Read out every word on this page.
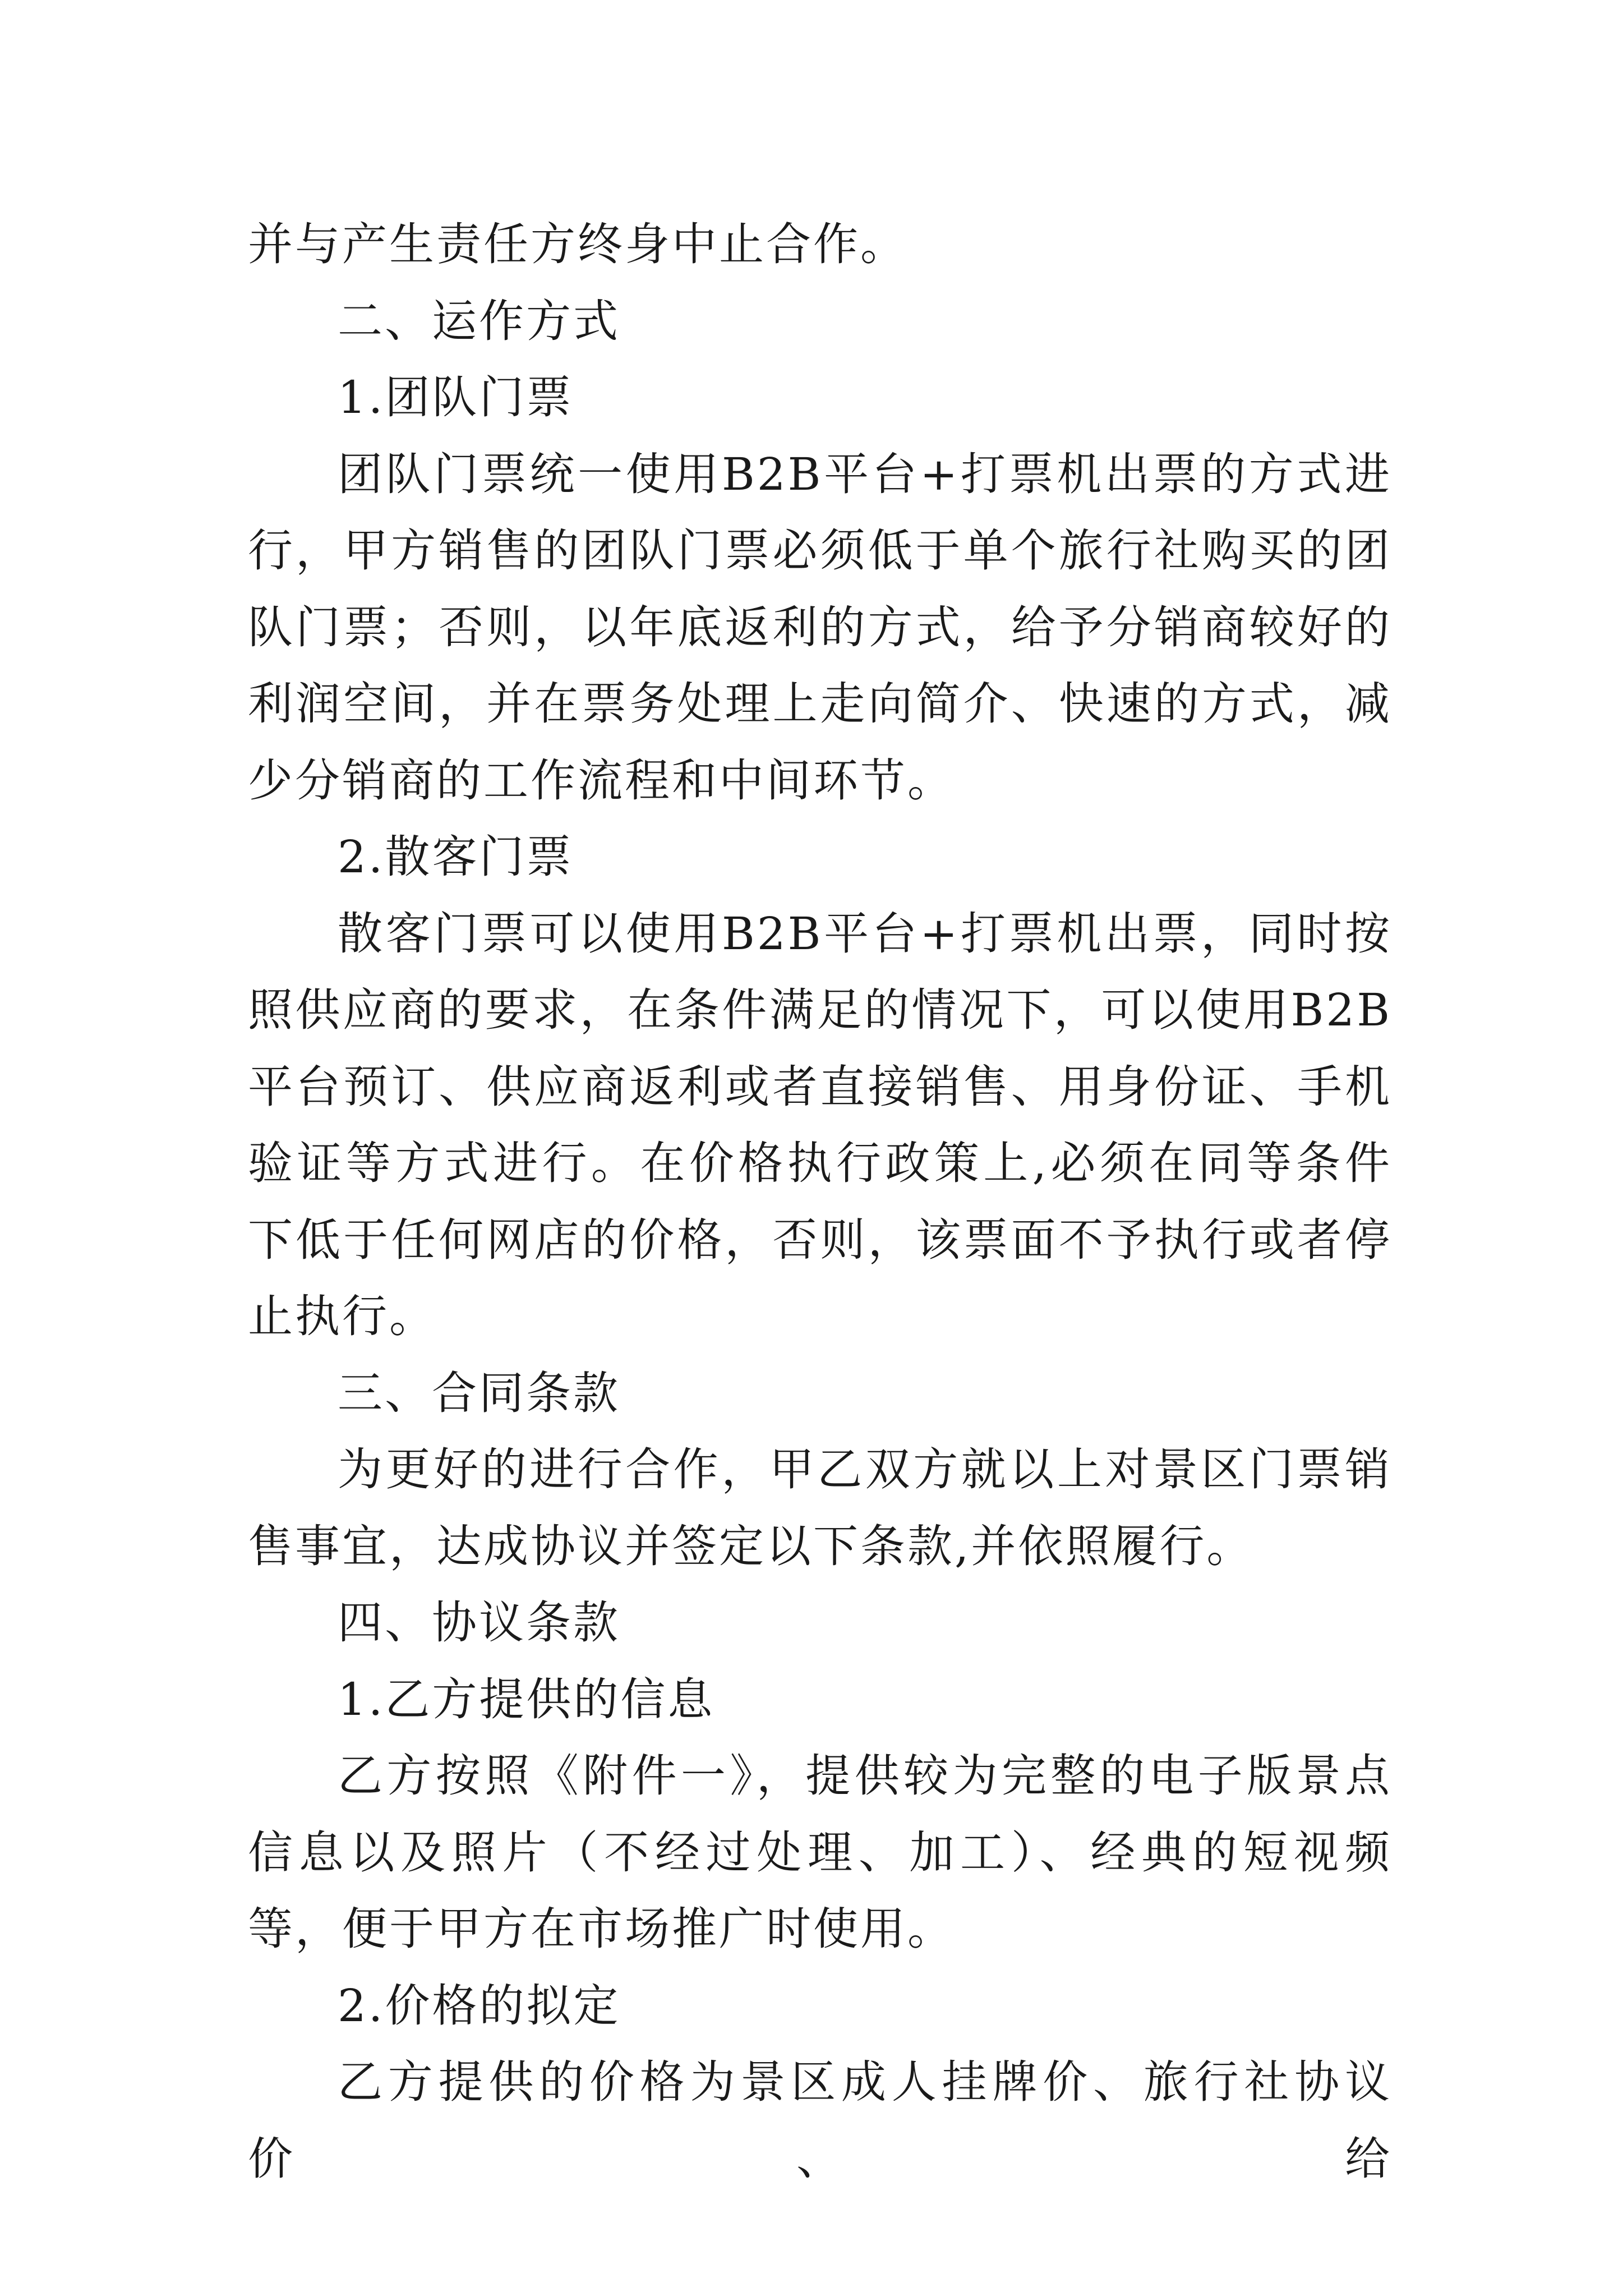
并与产生责任方终身中止合作。

二、运作方式

1.团队门票

团队门票统一使用B2B平台+打票机出票的方式进行，甲方销售的团队门票必须低于单个旅行社购买的团队门票；否则，以年底返利的方式，给予分销商较好的利润空间，并在票务处理上走向简介、快速的方式，减少分销商的工作流程和中间环节。

2.散客门票

散客门票可以使用B2B平台+打票机出票，同时按照供应商的要求，在条件满足的情况下，可以使用B2B平台预订、供应商返利或者直接销售、用身份证、手机验证等方式进行。在价格执行政策上,必须在同等条件下低于任何网店的价格，否则，该票面不予执行或者停止执行。

三、合同条款

为更好的进行合作，甲乙双方就以上对景区门票销售事宜，达成协议并签定以下条款,并依照履行。

四、协议条款

1.乙方提供的信息

乙方按照《附件一》，提供较为完整的电子版景点信息以及照片（不经过处理、加工）、经典的短视频等，便于甲方在市场推广时使用。

2.价格的拟定

乙方提供的价格为景区成人挂牌价、旅行社协议价、给
